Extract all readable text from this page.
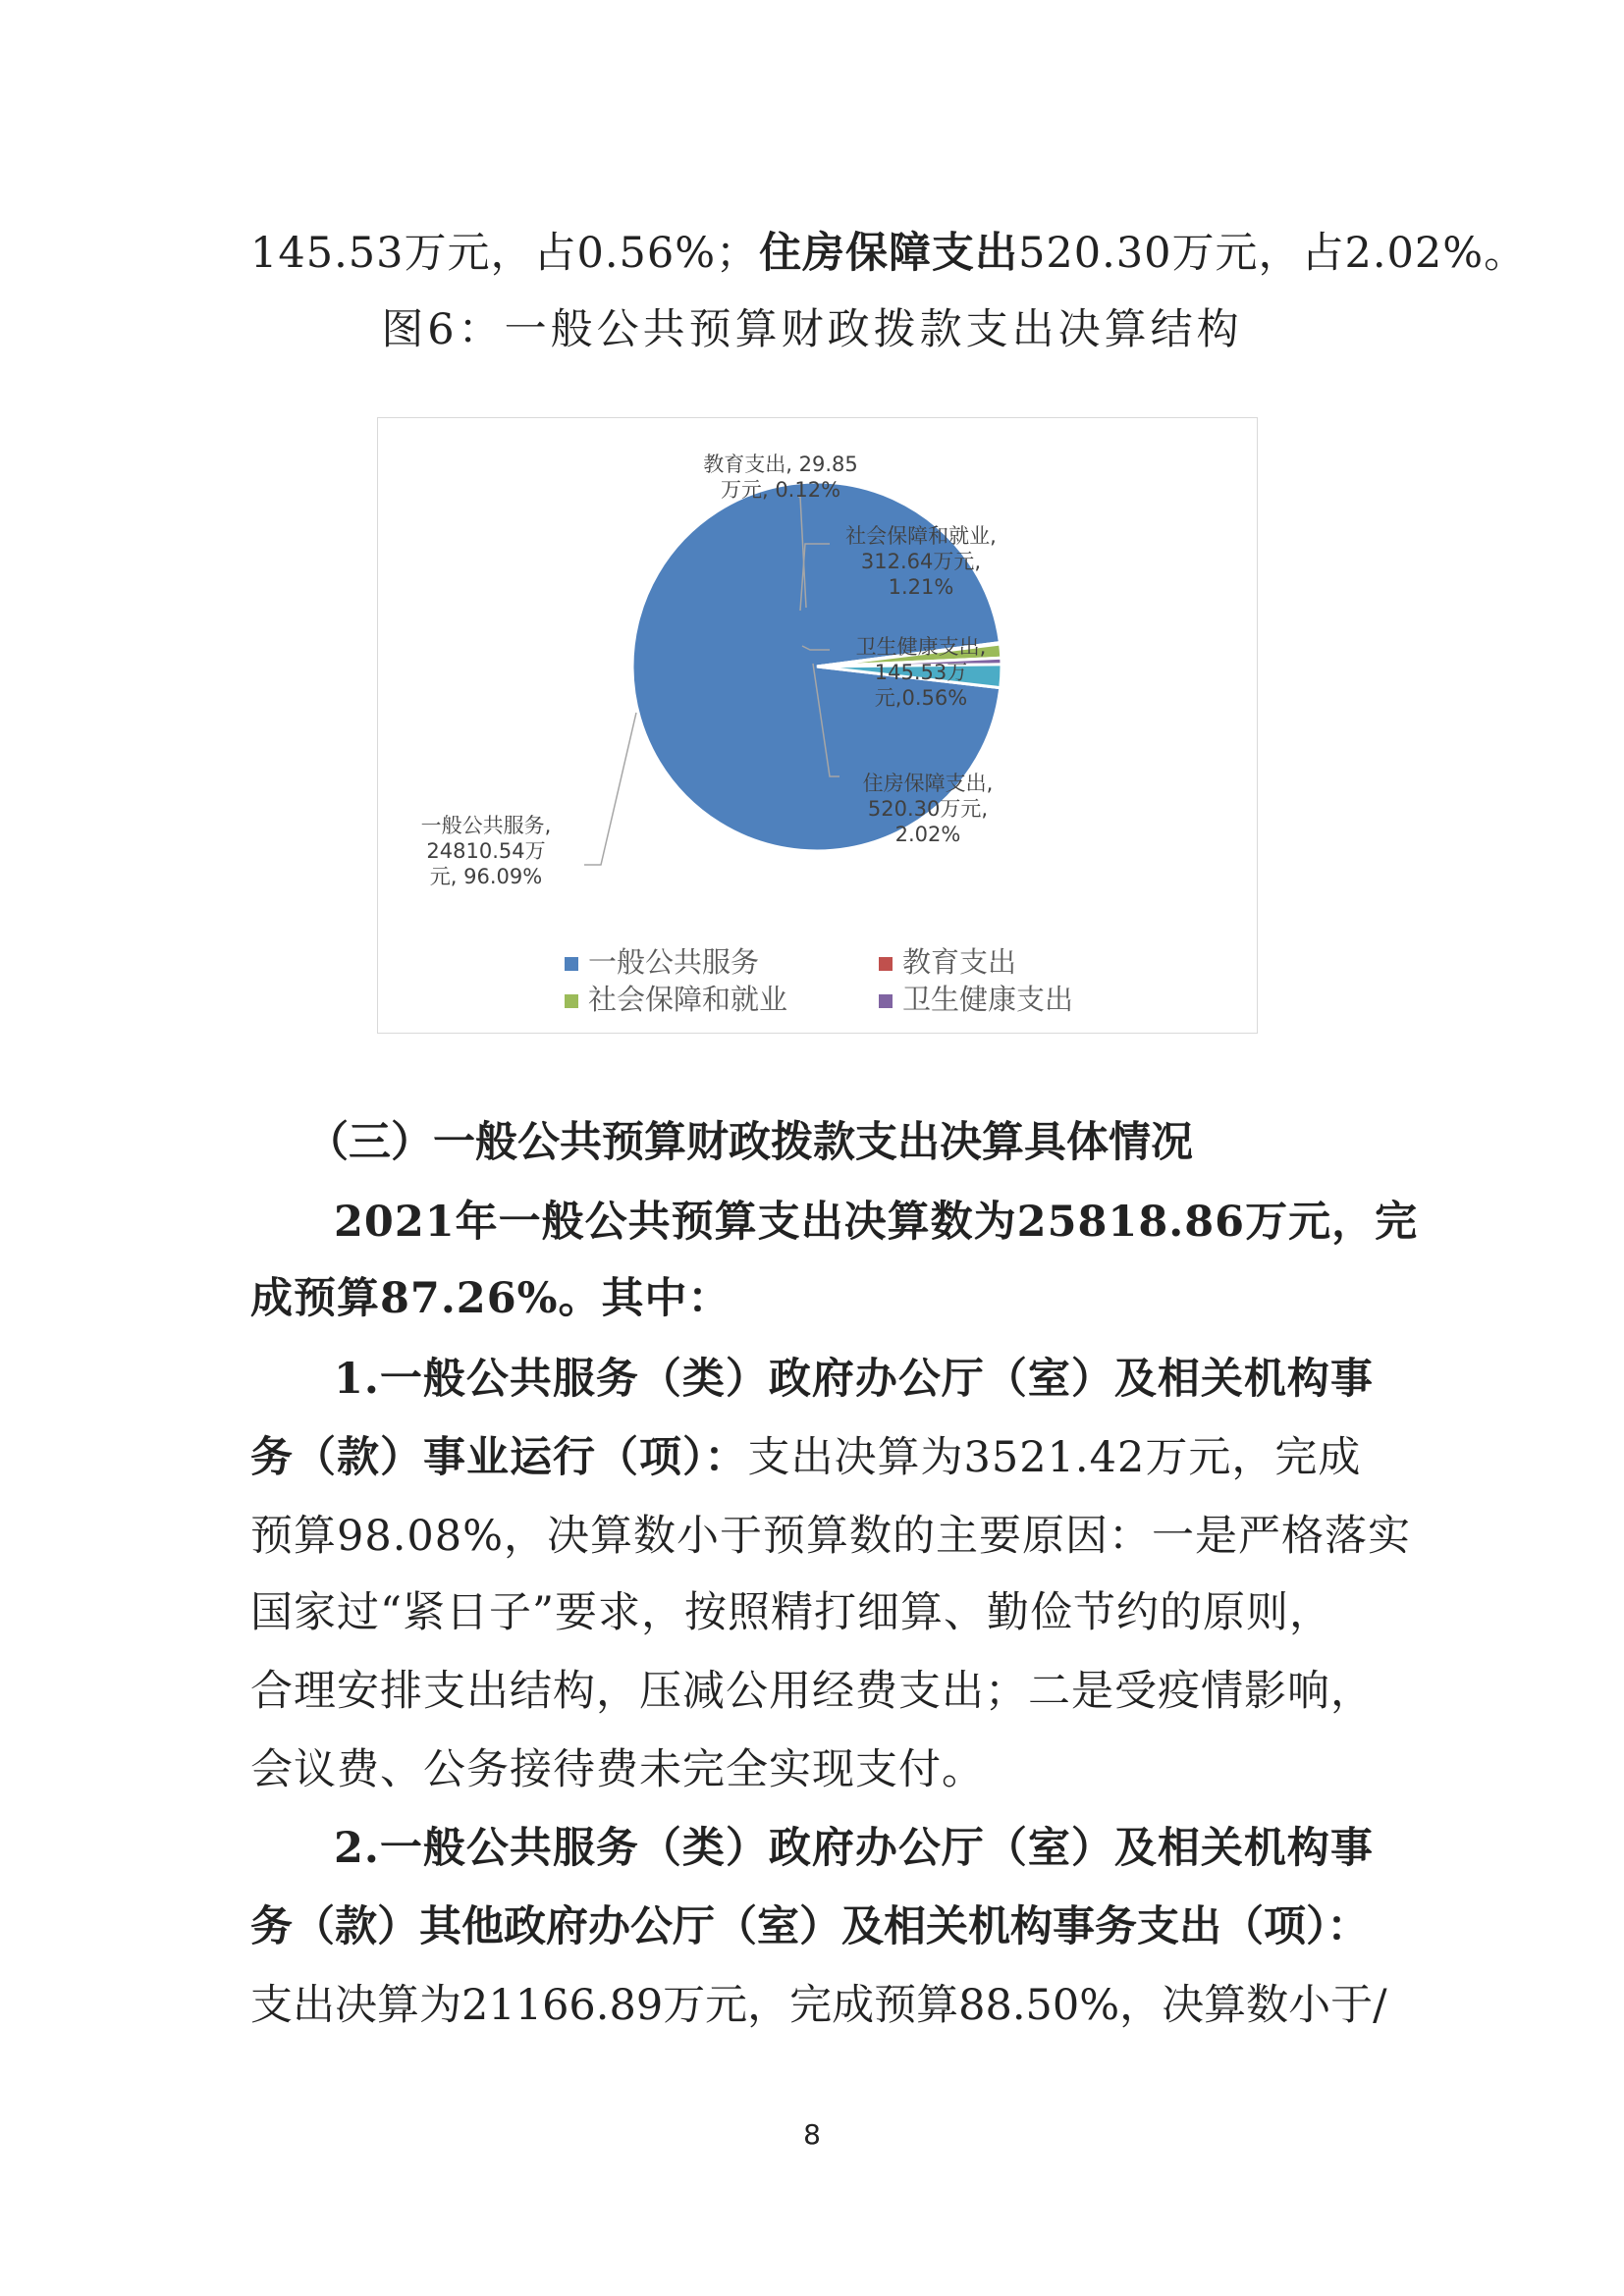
145.53万元，占0.56%；住房保障支出520.30万元，占2.02%。
图6：一般公共预算财政拨款支出决算结构
一般公共服务,
24810.54万
元, 96.09%
教育支出, 29.85
万元, 0.12%
社会保障和就业,
312.64万元,
1.21%
卫生健康支出,
145.53万
元,0.56%
住房保障支出,
520.30万元,
2.02%
一般公共服务	教育支出
社会保障和就业	卫生健康支出
（三）一般公共预算财政拨款支出决算具体情况
2021年一般公共预算支出决算数为25818.86万元，完
成预算87.26%。其中：
1.一般公共服务（类）政府办公厅（室）及相关机构事
务（款）事业运行（项）：支出决算为3521.42万元，完成
预算98.08%，决算数小于预算数的主要原因：一是严格落实
国家过“紧日子”要求，按照精打细算、勤俭节约的原则，
合理安排支出结构，压减公用经费支出；二是受疫情影响，
会议费、公务接待费未完全实现支付。
2.一般公共服务（类）政府办公厅（室）及相关机构事
务（款）其他政府办公厅（室）及相关机构事务支出（项）：
支出决算为21166.89万元，完成预算88.50%，决算数小于/
8
